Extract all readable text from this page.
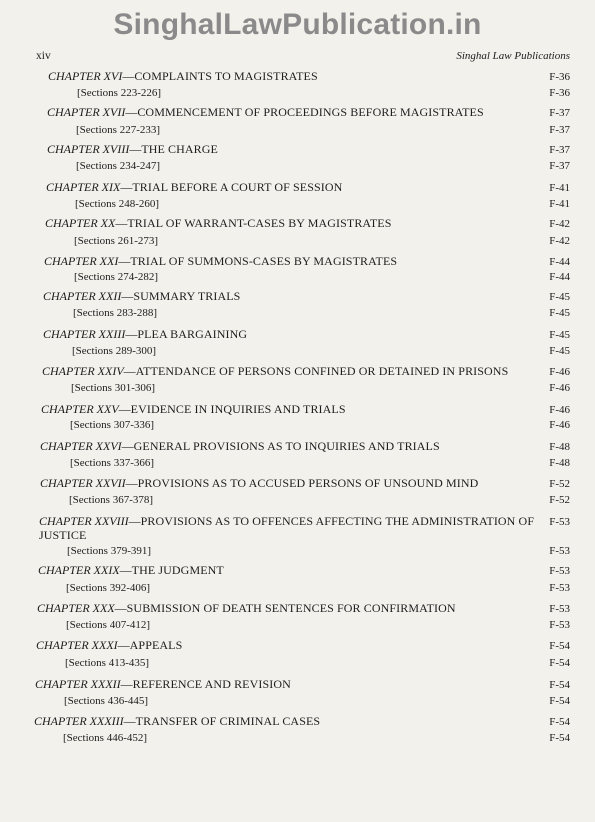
SinghalLawPublication.in
xiv	Singhal Law Publications
CHAPTER XVI—COMPLAINTS TO MAGISTRATES
[Sections 223-226]
F-36
F-36
CHAPTER XVII—COMMENCEMENT OF PROCEEDINGS BEFORE MAGISTRATES
[Sections 227-233]
F-37
F-37
CHAPTER XVIII—THE CHARGE
[Sections 234-247]
F-37
F-37
CHAPTER XIX—TRIAL BEFORE A COURT OF SESSION
[Sections 248-260]
F-41
F-41
CHAPTER XX—TRIAL OF WARRANT-CASES BY MAGISTRATES
[Sections 261-273]
F-42
F-42
CHAPTER XXI—TRIAL OF SUMMONS-CASES BY MAGISTRATES
[Sections 274-282]
F-44
F-44
CHAPTER XXII—SUMMARY TRIALS
[Sections 283-288]
F-45
F-45
CHAPTER XXIII—PLEA BARGAINING
[Sections 289-300]
F-45
F-45
CHAPTER XXIV—ATTENDANCE OF PERSONS CONFINED OR DETAINED IN PRISONS
[Sections 301-306]
F-46
F-46
CHAPTER XXV—EVIDENCE IN INQUIRIES AND TRIALS
[Sections 307-336]
F-46
F-46
CHAPTER XXVI—GENERAL PROVISIONS AS TO INQUIRIES AND TRIALS
[Sections 337-366]
F-48
F-48
CHAPTER XXVII—PROVISIONS AS TO ACCUSED PERSONS OF UNSOUND MIND
[Sections 367-378]
F-52
F-52
CHAPTER XXVIII—PROVISIONS AS TO OFFENCES AFFECTING THE ADMINISTRATION OF JUSTICE
[Sections 379-391]
F-53
F-53
CHAPTER XXIX—THE JUDGMENT
[Sections 392-406]
F-53
F-53
CHAPTER XXX—SUBMISSION OF DEATH SENTENCES FOR CONFIRMATION
[Sections 407-412]
F-53
F-53
CHAPTER XXXI—APPEALS
[Sections 413-435]
F-54
F-54
CHAPTER XXXII—REFERENCE AND REVISION
[Sections 436-445]
F-54
F-54
CHAPTER XXXIII—TRANSFER OF CRIMINAL CASES
[Sections 446-452]
F-54
F-54
